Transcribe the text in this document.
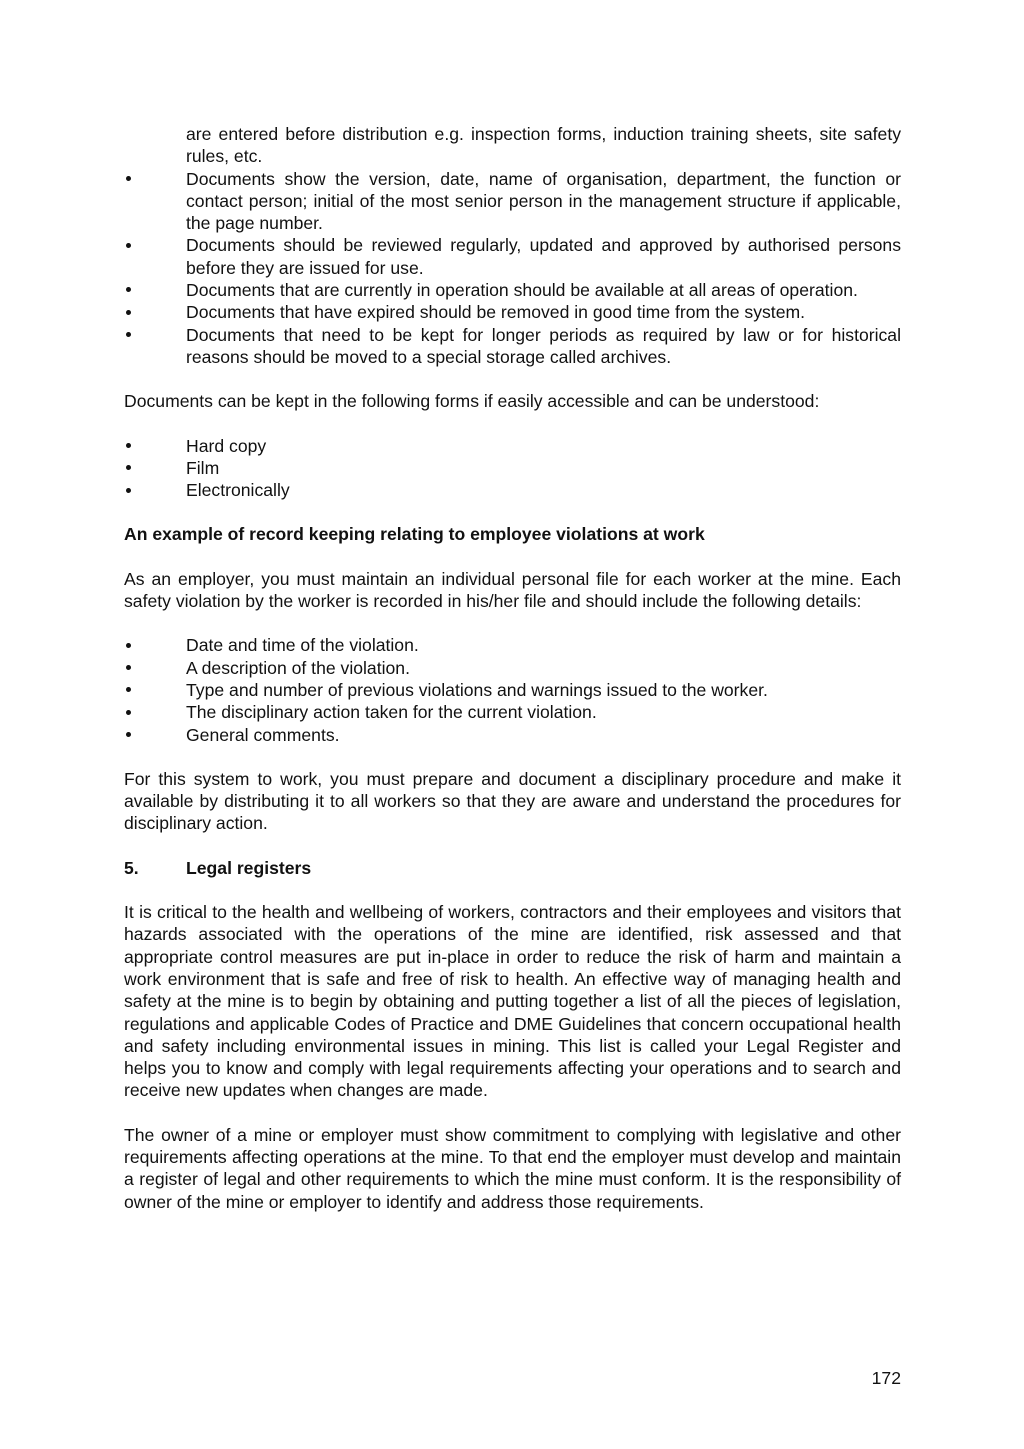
are entered before distribution e.g. inspection forms, induction training sheets, site safety rules, etc.

Documents show the version, date, name of organisation, department, the function or contact person; initial of the most senior person in the management structure if applicable, the page number.
Documents should be reviewed regularly, updated and approved by authorised persons before they are issued for use.
Documents that are currently in operation should be available at all areas of operation.
Documents that have expired should be removed in good time from the system.
Documents that need to be kept for longer periods as required by law or for historical reasons should be moved to a special storage called archives.

Documents can be kept in the following forms if easily accessible and can be understood:

Hard copy
Film
Electronically

An example of record keeping relating to employee violations at work

As an employer, you must maintain an individual personal file for each worker at the mine. Each safety violation by the worker is recorded in his/her file and should include the following details:

Date and time of the violation.
A description of the violation.
Type and number of previous violations and warnings issued to the worker.
The disciplinary action taken for the current violation.
General comments.

For this system to work, you must prepare and document a disciplinary procedure and make it available by distributing it to all workers so that they are aware and understand the procedures for disciplinary action.

5.	Legal registers

It is critical to the health and wellbeing of workers, contractors and their employees and visitors that hazards associated with the operations of the mine are identified, risk assessed and that appropriate control measures are put in-place in order to reduce the risk of harm and maintain a work environment that is safe and free of risk to health. An effective way of managing health and safety at the mine is to begin by obtaining and putting together a list of all the pieces of legislation, regulations and applicable Codes of Practice and DME Guidelines that concern occupational health and safety including environmental issues in mining. This list is called your Legal Register and helps you to know and comply with legal requirements affecting your operations and to search and receive new updates when changes are made.

The owner of a mine or employer must show commitment to complying with legislative and other requirements affecting operations at the mine. To that end the employer must develop and maintain a register of legal and other requirements to which the mine must conform. It is the responsibility of owner of the mine or employer to identify and address those requirements.

172
